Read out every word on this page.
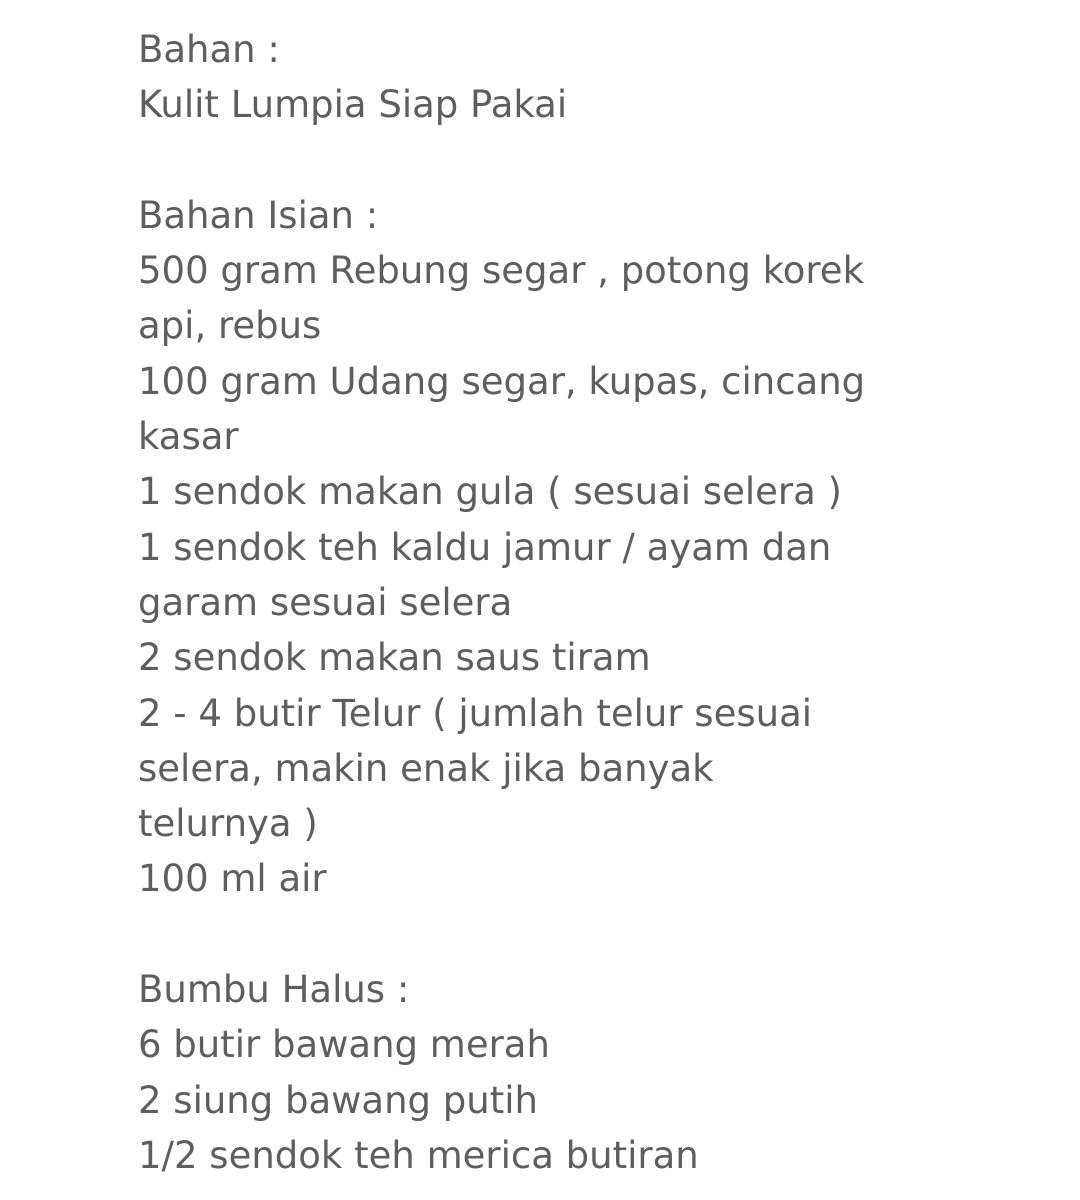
Bahan :
Kulit Lumpia Siap Pakai
Bahan Isian :
500 gram Rebung segar , potong korek
api, rebus
100 gram Udang segar, kupas, cincang
kasar
1 sendok makan gula ( sesuai selera )
1 sendok teh kaldu jamur / ayam dan
garam sesuai selera
2 sendok makan saus tiram
2 - 4 butir Telur ( jumlah telur sesuai
selera, makin enak jika banyak
telurnya )
100 ml air
Bumbu Halus :
6 butir bawang merah
2 siung bawang putih
1/2 sendok teh merica butiran
